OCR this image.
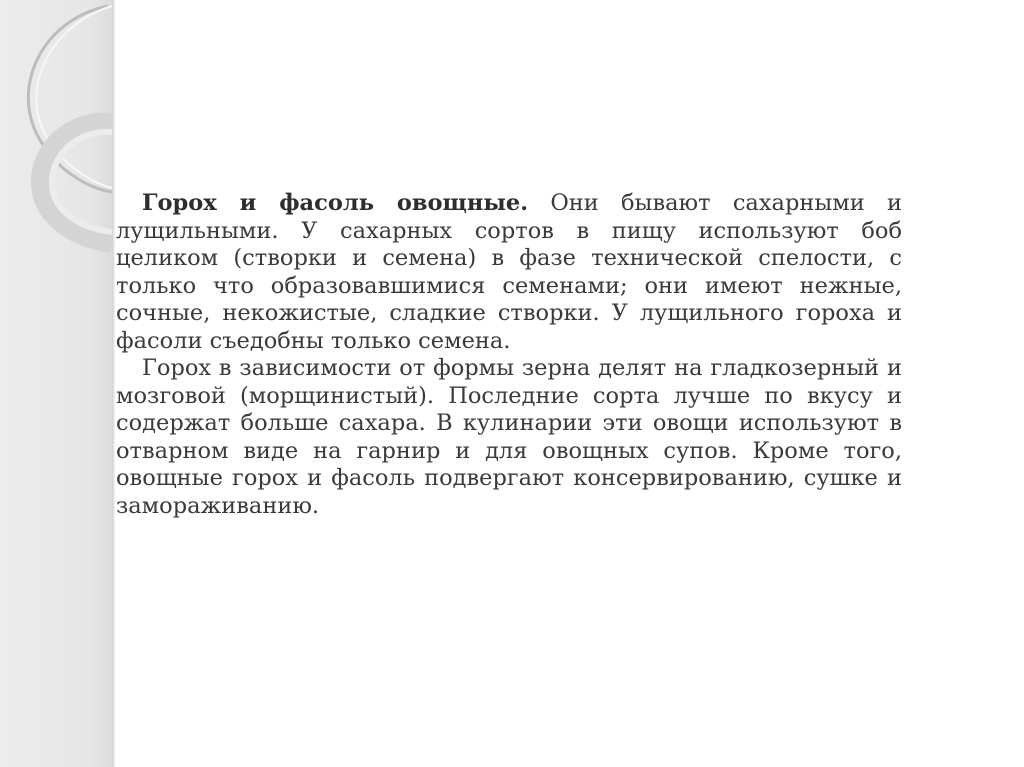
Горох и фасоль овощные. Они бывают сахарными и лущильными. У сахарных сортов в пищу используют боб целиком (створки и семена) в фазе технической спелости, с только что образовавшимися семенами; они имеют нежные, сочные, некожистые, сладкие створки. У лущильного гороха и фасоли съедобны только семена.

Горох в зависимости от формы зерна делят на гладкозерный и мозговой (морщинистый). Последние сорта лучше по вкусу и содержат больше сахара. В кулинарии эти овощи используют в отварном виде на гарнир и для овощных супов. Кроме того, овощные горох и фасоль подвергают консервированию, сушке и замораживанию.
